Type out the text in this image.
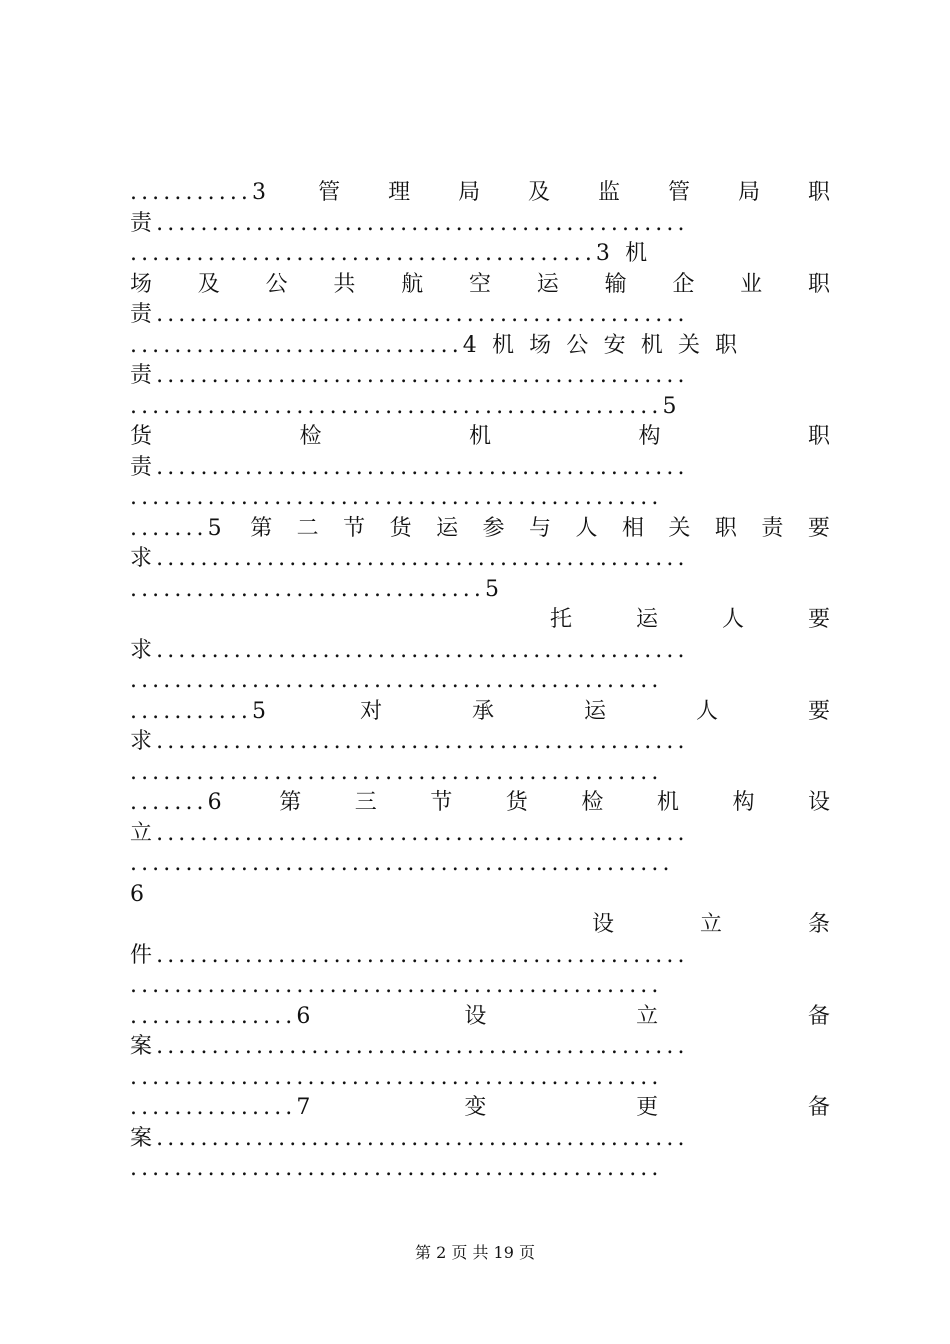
...........3 管 理 局 及 监 管 局 职
责................................................
..........................................3 机
场 及 公 共 航 空 运 输 企 业 职
责................................................
..............................4 机 场 公 安 机 关 职
责................................................
................................................5
货	检	机	构	职
责................................................
................................................
.......5 第 二 节 货 运 参 与 人 相 关 职 责 要
求................................................
................................5
托	运	人	要
求................................................
................................................
...........5	对	承	运	人	要
求................................................
................................................
.......6 第 三 节 货 检 机 构 设
立................................................
.................................................
6
设	立	条
件................................................
................................................
...............6	设	立	备
案................................................
................................................
...............7	变	更	备
案................................................
................................................
第 2 页 共 19 页
